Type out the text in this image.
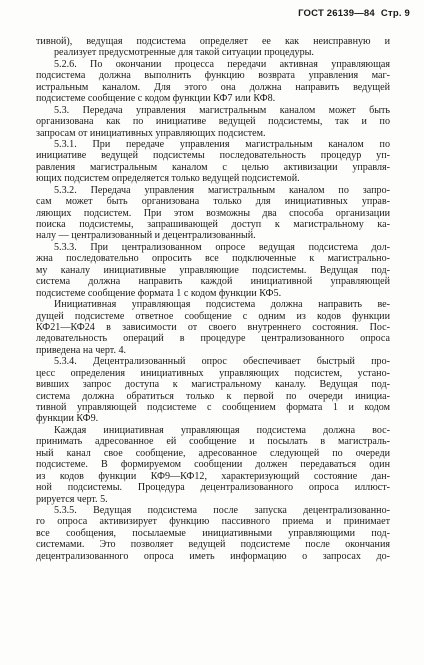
ГОСТ 26139—84 Стр. 9
тивной), ведущая подсистема определяет ее как неисправную и
реализует предусмотренные для такой ситуации процедуры.
5.2.6. По окончании процесса передачи активная управляющая
подсистема должна выполнить функцию возврата управления маг-
истральным каналом. Для этого она должна направить ведущей
подсистеме сообщение с кодом функции КФ7 или КФ8.
5.3. Передача управления магистральным каналом может быть
организована как по инициативе ведущей подсистемы, так и по
запросам от инициативных управляющих подсистем.
5.3.1. При передаче управления магистральным каналом по
инициативе ведущей подсистемы последовательность процедур уп-
равления магистральным каналом с целью активизации управля-
ющих подсистем определяется только ведущей подсистемой.
5.3.2. Передача управления магистральным каналом по запро-
сам может быть организована только для инициативных управ-
ляющих подсистем. При этом возможны два способа организации
поиска подсистемы, запрашивающей доступ к магистральному ка-
налу — централизованный и децентрализованный.
5.3.3. При централизованном опросе ведущая подсистема дол-
жна последовательно опросить все подключенные к магистрально-
му каналу инициативные управляющие подсистемы. Ведущая под-
система должна направить каждой инициативной управляющей
подсистеме сообщение формата 1 с кодом функции КФ5.
Инициативная управляющая подсистема должна направить ве-
дущей подсистеме ответное сообщение с одним из кодов функции
КФ21—КФ24 в зависимости от своего внутреннего состояния. Пос-
ледовательность операций в процедуре централизованного опроса
приведена на черт. 4.
5.3.4. Децентрализованный опрос обеспечивает быстрый про-
цесс определения инициативных управляющих подсистем, устано-
вивших запрос доступа к магистральному каналу. Ведущая под-
система должна обратиться только к первой по очереди инициа-
тивной управляющей подсистеме с сообщением формата 1 и кодом
функции КФ9.
Каждая инициативная управляющая подсистема должна вос-
принимать адресованное ей сообщение и посылать в магистраль-
ный канал свое сообщение, адресованное следующей по очереди
подсистеме. В формируемом сообщении должен передаваться один
из кодов функции КФ9—КФ12, характеризующий состояние дан-
ной подсистемы. Процедура децентрализованного опроса иллюст-
рируется черт. 5.
5.3.5. Ведущая подсистема после запуска децентрализованно-
го опроса активизирует функцию пассивного приема и принимает
все сообщения, посылаемые инициативными управляющими под-
системами. Это позволяет ведущей подсистеме после окончания
децентрализованного опроса иметь информацию о запросах до-
